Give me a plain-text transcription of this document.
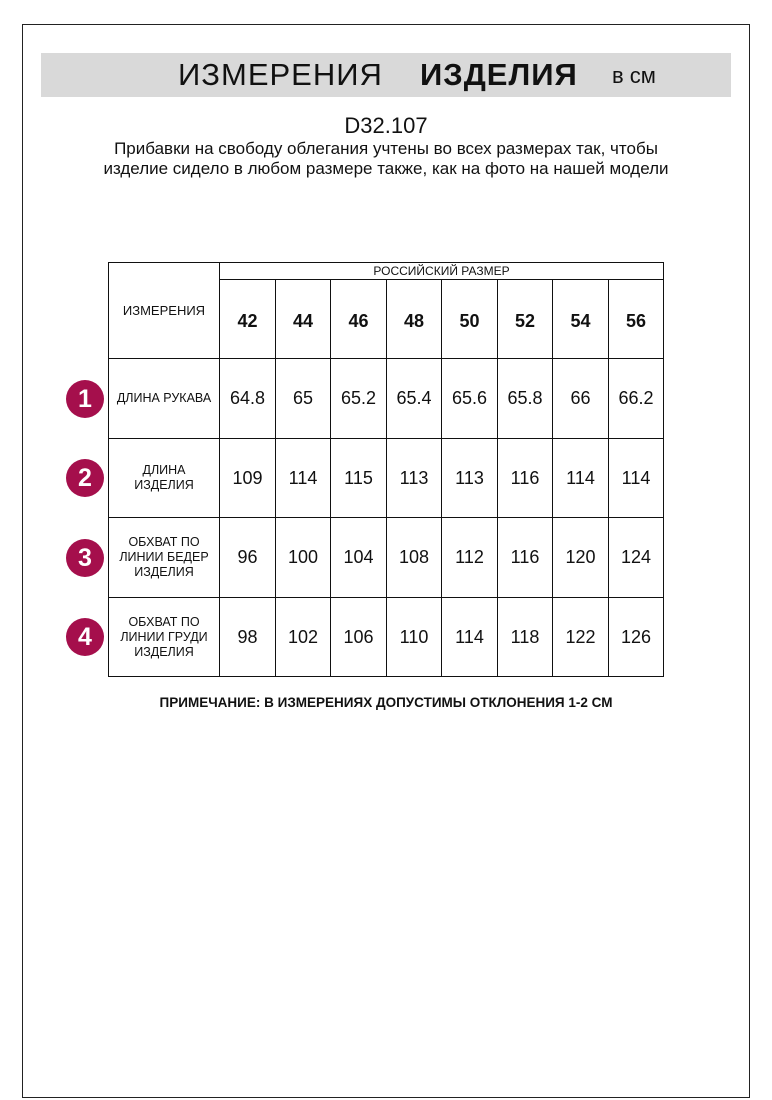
ИЗМЕРЕНИЯ ИЗДЕЛИЯ в см
D32.107
Прибавки на свободу облегания учтены во всех размерах так, чтобы изделие сидело в любом размере также, как на фото на нашей модели
ИЗМЕРЕНИЯ	РОССИЙСКИЙ РАЗМЕР							
	42	44	46	48	50	52	54	56
ДЛИНА РУКАВА	64.8	65	65.2	65.4	65.6	65.8	66	66.2
ДЛИНА ИЗДЕЛИЯ	109	114	115	113	113	116	114	114
ОБХВАТ ПО ЛИНИИ БЕДЕР ИЗДЕЛИЯ	96	100	104	108	112	116	120	124
ОБХВАТ ПО ЛИНИИ ГРУДИ ИЗДЕЛИЯ	98	102	106	110	114	118	122	126
1
2
3
4
ПРИМЕЧАНИЕ: В ИЗМЕРЕНИЯХ ДОПУСТИМЫ ОТКЛОНЕНИЯ 1-2 СМ
